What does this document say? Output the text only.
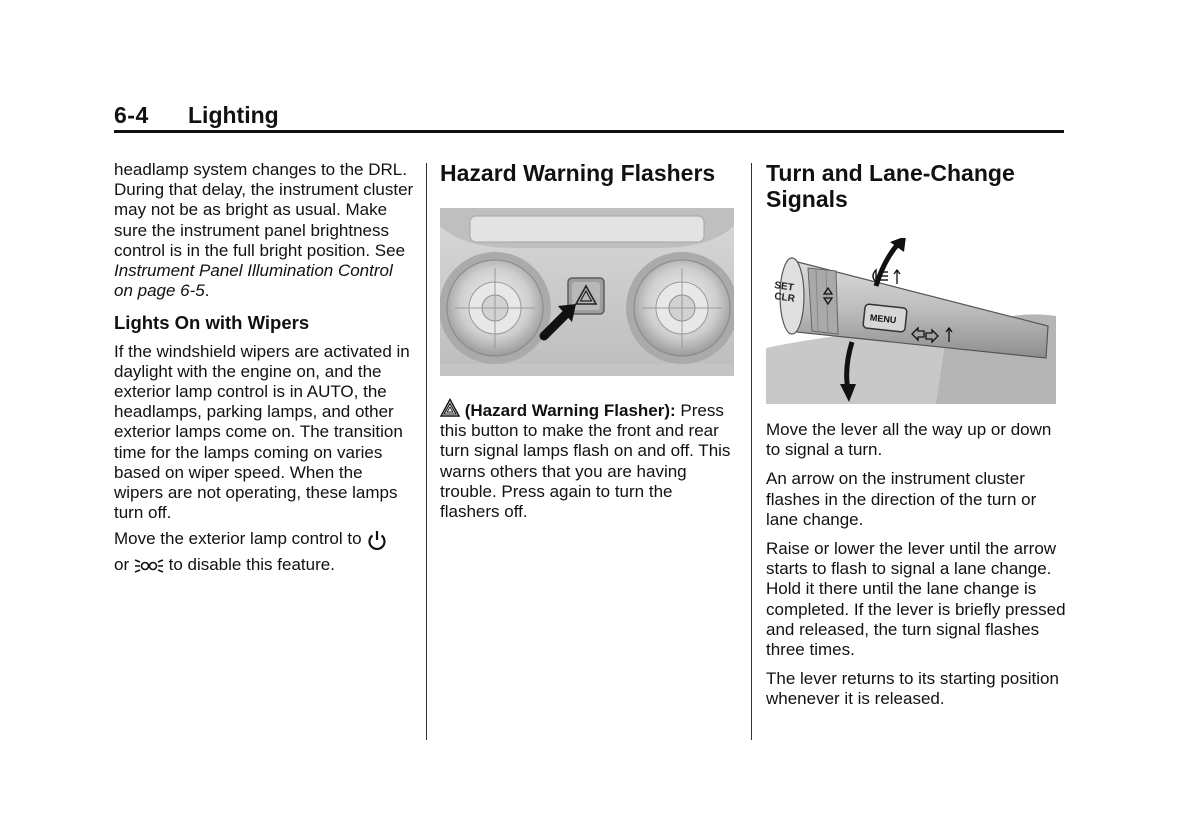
6-4 Lighting

headlamp system changes to the DRL. During that delay, the instrument cluster may not be as bright as usual. Make sure the instrument panel brightness control is in the full bright position. See Instrument Panel Illumination Control on page 6-5.

Lights On with Wipers

If the windshield wipers are activated in daylight with the engine on, and the exterior lamp control is in AUTO, the headlamps, parking lamps, and other exterior lamps come on. The transition time for the lamps coming on varies based on wiper speed. When the wipers are not operating, these lamps turn off.

Move the exterior lamp control to
or to disable this feature.

Hazard Warning Flashers

(Hazard Warning Flasher): Press this button to make the front and rear turn signal lamps flash on and off. This warns others that you are having trouble. Press again to turn the flashers off.

Turn and Lane-Change Signals
SET
CLR
MENU

Move the lever all the way up or down to signal a turn.

An arrow on the instrument cluster flashes in the direction of the turn or lane change.

Raise or lower the lever until the arrow starts to flash to signal a lane change. Hold it there until the lane change is completed. If the lever is briefly pressed and released, the turn signal flashes three times.

The lever returns to its starting position whenever it is released.
